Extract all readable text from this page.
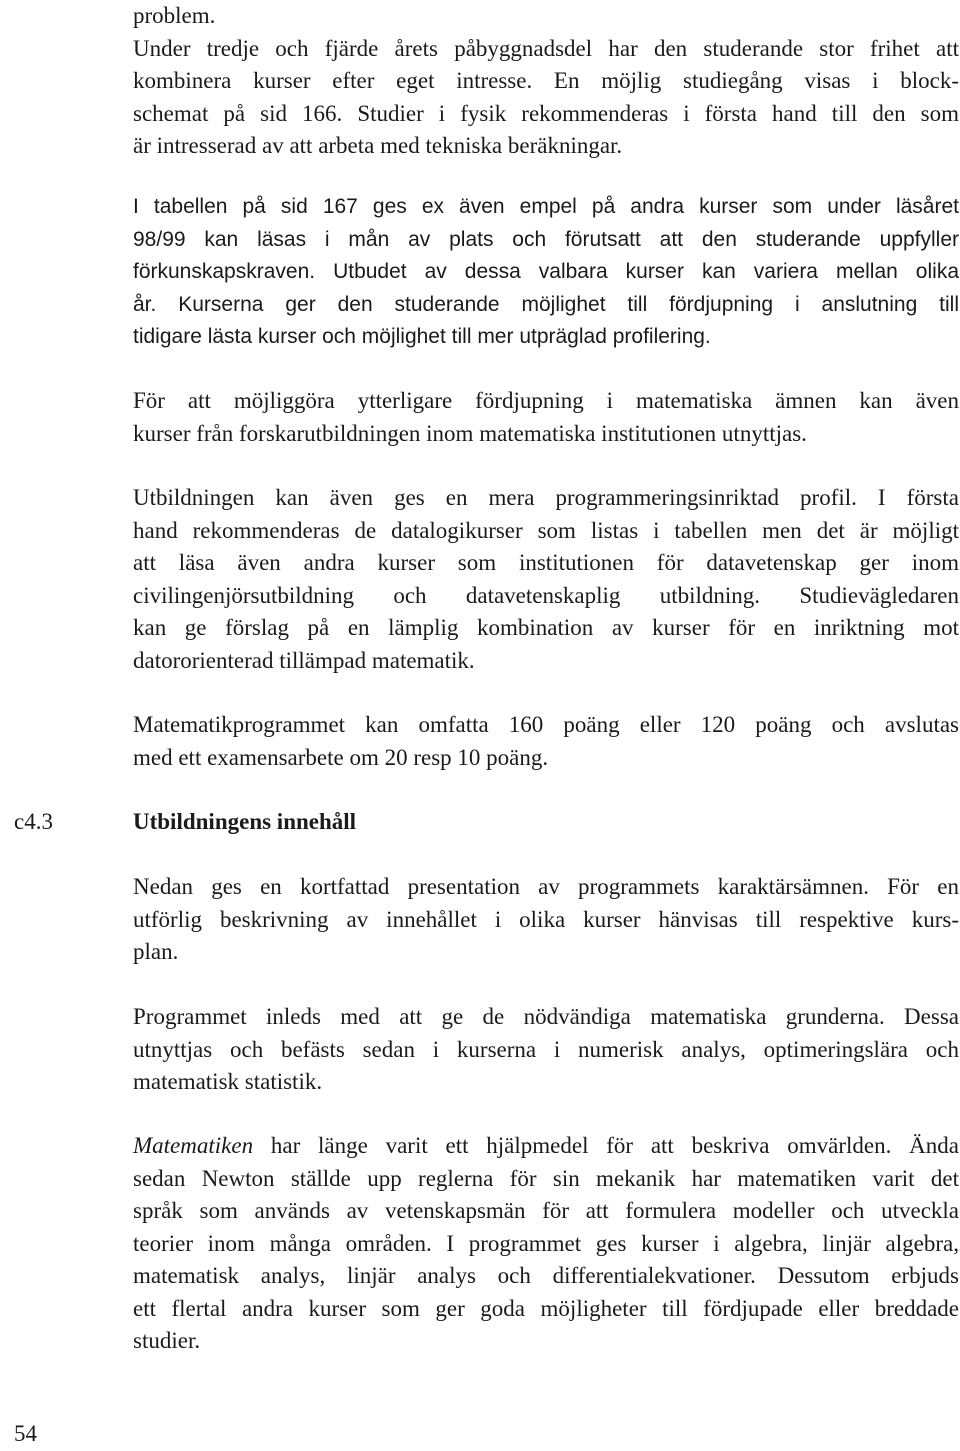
problem.
Under tredje och fjärde årets påbyggnadsdel har den studerande stor frihet att
kombinera kurser efter eget intresse. En möjlig studiegång visas i block-
schemat på sid 166. Studier i fysik rekommenderas i första hand till den som
är intresserad av att arbeta med tekniska beräkningar.
I tabellen på sid 167 ges ex även empel på andra kurser som under läsåret
98/99 kan läsas i mån av plats och förutsatt att den studerande uppfyller
förkunskapskraven. Utbudet av dessa valbara kurser kan variera mellan olika
år. Kurserna ger den studerande möjlighet till fördjupning i anslutning till
tidigare lästa kurser och möjlighet till mer utpräglad profilering.
För att möjliggöra ytterligare fördjupning i matematiska ämnen kan även
kurser från forskarutbildningen inom matematiska institutionen utnyttjas.
Utbildningen kan även ges en mera programmeringsinriktad profil. I första
hand rekommenderas de datalogikurser som listas i tabellen men det är möjligt
att läsa även andra kurser som institutionen för datavetenskap ger inom
civilingenjörsutbildning och datavetenskaplig utbildning. Studievägledaren
kan ge förslag på en lämplig kombination av kurser för en inriktning mot
datororienterad tillämpad matematik.
Matematikprogrammet kan omfatta 160 poäng eller 120 poäng och avslutas
med ett examensarbete om 20 resp 10 poäng.
c4.3	Utbildningens innehåll
Nedan ges en kortfattad presentation av programmets karaktärsämnen. För en
utförlig beskrivning av innehållet i olika kurser hänvisas till respektive kurs-
plan.
Programmet inleds med att ge de nödvändiga matematiska grunderna. Dessa
utnyttjas och befästs sedan i kurserna i numerisk analys, optimeringslära och
matematisk statistik.
Matematiken har länge varit ett hjälpmedel för att beskriva omvärlden. Ända
sedan Newton ställde upp reglerna för sin mekanik har matematiken varit det
språk som används av vetenskapsmän för att formulera modeller och utveckla
teorier inom många områden. I programmet ges kurser i algebra, linjär algebra,
matematisk analys, linjär analys och differentialekvationer. Dessutom erbjuds
ett flertal andra kurser som ger goda möjligheter till fördjupade eller breddade
studier.
54
